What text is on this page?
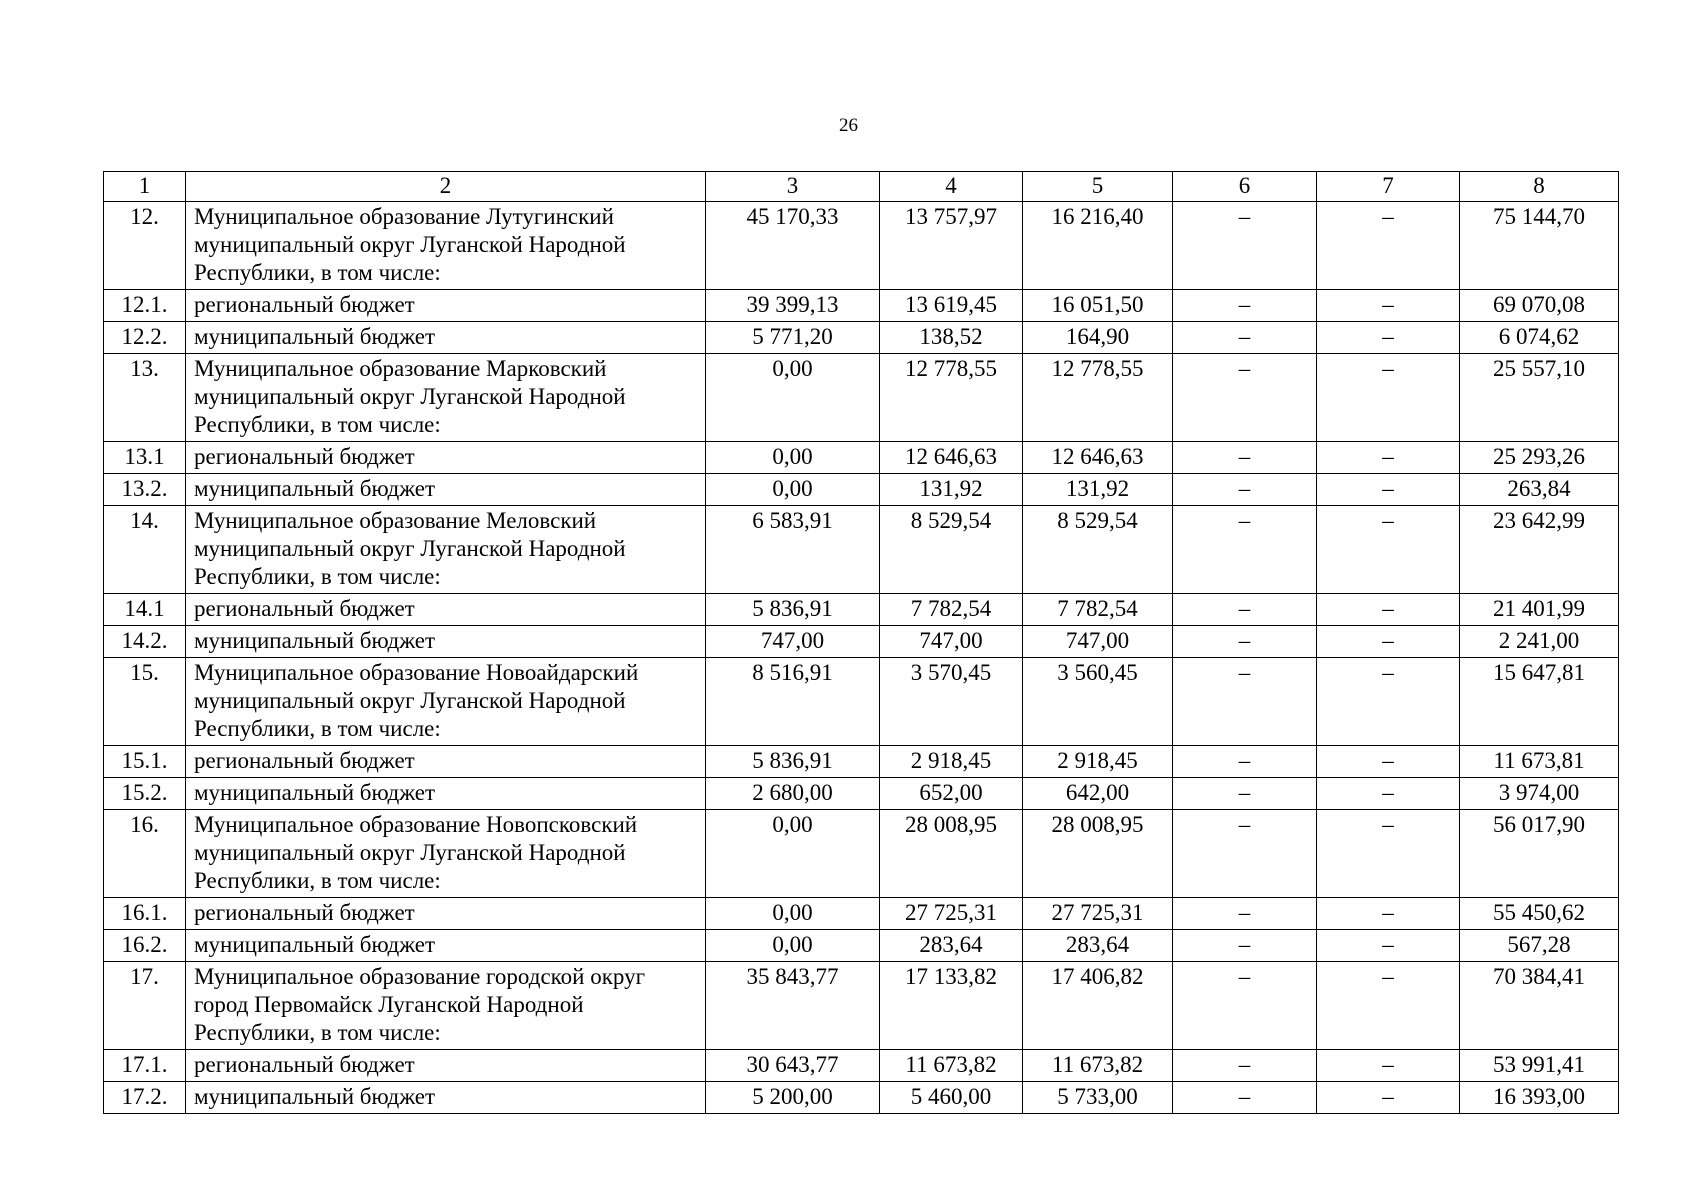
26
1	2	3	4	5	6	7	8
12.	Муниципальное образование Лутугинский муниципальный округ Луганской Народной Республики, в том числе:	45 170,33	13 757,97	16 216,40	–	–	75 144,70
12.1.	региональный бюджет	39 399,13	13 619,45	16 051,50	–	–	69 070,08
12.2.	муниципальный бюджет	5 771,20	138,52	164,90	–	–	6 074,62
13.	Муниципальное образование Марковский муниципальный округ Луганской Народной Республики, в том числе:	0,00	12 778,55	12 778,55	–	–	25 557,10
13.1	региональный бюджет	0,00	12 646,63	12 646,63	–	–	25 293,26
13.2.	муниципальный бюджет	0,00	131,92	131,92	–	–	263,84
14.	Муниципальное образование Меловский муниципальный округ Луганской Народной Республики, в том числе:	6 583,91	8 529,54	8 529,54	–	–	23 642,99
14.1	региональный бюджет	5 836,91	7 782,54	7 782,54	–	–	21 401,99
14.2.	муниципальный бюджет	747,00	747,00	747,00	–	–	2 241,00
15.	Муниципальное образование Новоайдарский муниципальный округ Луганской Народной Республики, в том числе:	8 516,91	3 570,45	3 560,45	–	–	15 647,81
15.1.	региональный бюджет	5 836,91	2 918,45	2 918,45	–	–	11 673,81
15.2.	муниципальный бюджет	2 680,00	652,00	642,00	–	–	3 974,00
16.	Муниципальное образование Новопсковский муниципальный округ Луганской Народной Республики, в том числе:	0,00	28 008,95	28 008,95	–	–	56 017,90
16.1.	региональный бюджет	0,00	27 725,31	27 725,31	–	–	55 450,62
16.2.	муниципальный бюджет	0,00	283,64	283,64	–	–	567,28
17.	Муниципальное образование городской округ город Первомайск Луганской Народной Республики, в том числе:	35 843,77	17 133,82	17 406,82	–	–	70 384,41
17.1.	региональный бюджет	30 643,77	11 673,82	11 673,82	–	–	53 991,41
17.2.	муниципальный бюджет	5 200,00	5 460,00	5 733,00	–	–	16 393,00
